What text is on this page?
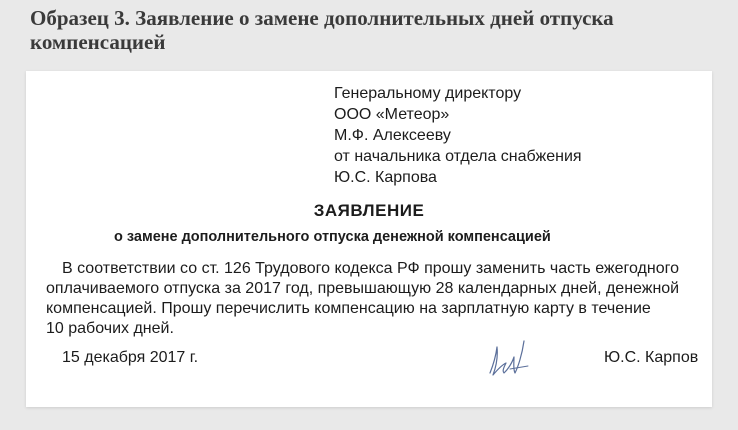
Образец 3. Заявление о замене дополнительных дней отпуска компенсацией
Генеральному директору
ООО «Метеор»
М.Ф. Алексееву
от начальника отдела снабжения
Ю.С. Карпова
ЗАЯВЛЕНИЕ
о замене дополнительного отпуска денежной компенсацией
В соответствии со ст. 126 Трудового кодекса РФ прошу заменить часть ежегодного
оплачиваемого отпуска за 2017 год, превышающую 28 календарных дней, денежной
компенсацией. Прошу перечислить компенсацию на зарплатную карту в течение
10 рабочих дней.
15 декабря 2017 г.	Ю.С. Карпов
